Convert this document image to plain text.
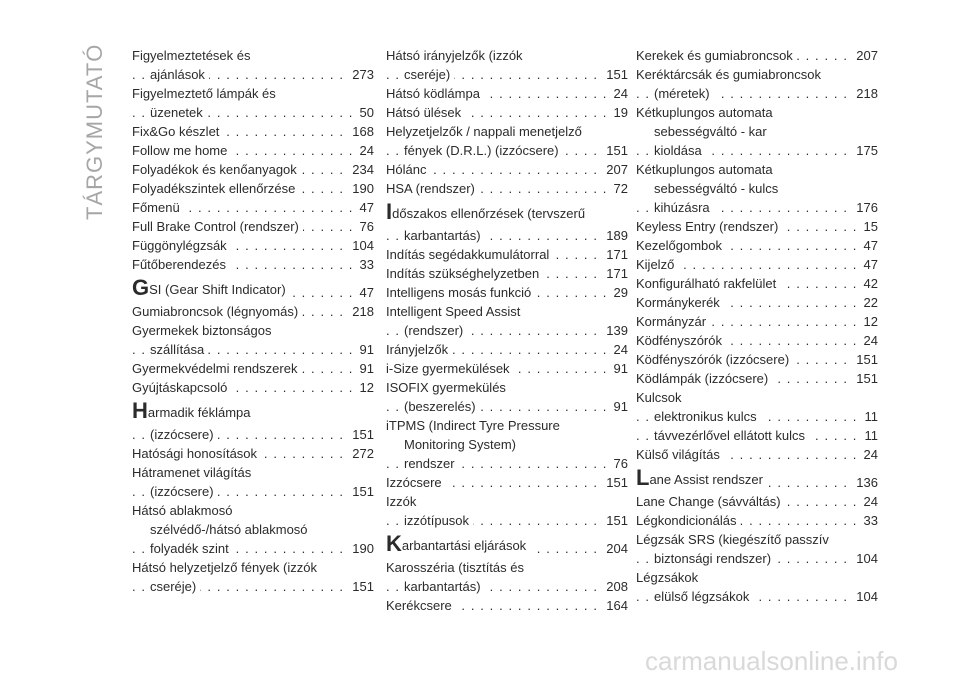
TÁRGYMUTATÓ Figyelmeztetések és
. . . ajánlások	273
Figyelmeztető lámpák és
. . . üzenetek	50
. . . Fix&Go készlet	168
. . . Follow me home	24
. . . Folyadékok és kenőanyagok	234
. . . Folyadékszintek ellenőrzése	190
. . . Főmenü	47
. . . Full Brake Control (rendszer)	76
. . . Függönylégzsák	104
. . . Fűtőberendezés	33
. . . GSI (Gear Shift Indicator)	47
. . . Gumiabroncsok (légnyomás)	218
Gyermekek biztonságos
. . . szállítása	91
. . . Gyermekvédelmi rendszerek	91
. . . Gyújtáskapcsoló	12
Harmadik féklámpa
. . . (izzócsere)	151
. . . Hatósági honosítások	272
Hátramenet világítás
. . . (izzócsere)	151
Hátsó ablakmosó
szélvédő-/hátsó ablakmosó
. . . folyadék szint	190
Hátsó helyzetjelző fények (izzók
. . . cseréje)	151
Hátsó irányjelzők (izzók
. . . cseréje)	151
. . . Hátsó ködlámpa	24
. . . Hátsó ülések	19
Helyzetjelzők / nappali menetjelző
. . . fények (D.R.L.) (izzócsere)	151
. . . Hólánc	207
. . . HSA (rendszer)	72
Időszakos ellenőrzések (tervszerű
. . . karbantartás)	189
. . . Indítás segédakkumulátorral	171
. . . Indítás szükséghelyzetben	171
. . . Intelligens mosás funkció	29
Intelligent Speed Assist
. . . (rendszer)	139
. . . Irányjelzők	24
. . . i-Size gyermekülések	91
ISOFIX gyermekülés
. . . (beszerelés)	91
iTPMS (Indirect Tyre Pressure
Monitoring System)
. . . rendszer	76
. . . Izzócsere	151
Izzók
. . . izzótípusok	151
. . . Karbantartási eljárások	204
Karosszéria (tisztítás és
. . . karbantartás)	208
. . . Kerékcsere	164
. . . Kerekek és gumiabroncsok	207
Keréktárcsák és gumiabroncsok
. . . (méretek)	218
Kétkuplungos automata
sebességváltó - kar
. . . kioldása	175
Kétkuplungos automata
sebességváltó - kulcs
. . . kihúzásra	176
. . . Keyless Entry (rendszer)	15
. . . Kezelőgombok	47
. . . Kijelző	47
. . . Konfigurálható rakfelület	42
. . . Kormánykerék	22
. . . Kormányzár	12
. . . Ködfényszórók	24
. . . Ködfényszórók (izzócsere)	151
. . . Ködlámpák (izzócsere)	151
Kulcsok
. . . elektronikus kulcs	11
. . . távvezérlővel ellátott kulcs	11
. . . Külső világítás	24
. . . Lane Assist rendszer	136
. . . Lane Change (sávváltás)	24
. . . Légkondicionálás	33
Légzsák SRS (kiegészítő passzív
. . . biztonsági rendszer)	104
Légzsákok
. . . elülső légzsákok	104
carmanualsonline.info
